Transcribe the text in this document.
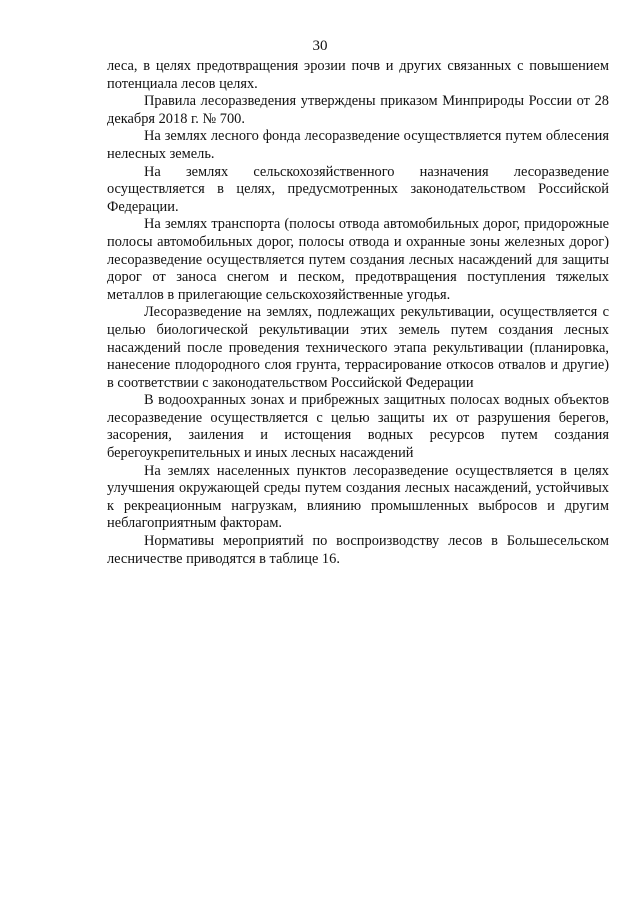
30

леса, в целях предотвращения эрозии почв и других связанных с повышением потенциала лесов целях.

Правила лесоразведения утверждены приказом Минприроды России от 28 декабря 2018 г. № 700.

На землях лесного фонда лесоразведение осуществляется путем облесения нелесных земель.

На землях сельскохозяйственного назначения лесоразведение осуществляется в целях, предусмотренных законодательством Российской Федерации.

На землях транспорта (полосы отвода автомобильных дорог, придорожные полосы автомобильных дорог, полосы отвода и охранные зоны железных дорог) лесоразведение осуществляется путем создания лесных насаждений для защиты дорог от заноса снегом и песком, предотвращения поступления тяжелых металлов в прилегающие сельскохозяйственные угодья.

Лесоразведение на землях, подлежащих рекультивации, осуществляется с целью биологической рекультивации этих земель путем создания лесных насаждений после проведения технического этапа рекультивации (планировка, нанесение плодородного слоя грунта, террасирование откосов отвалов и другие) в соответствии с законодательством Российской Федерации

В водоохранных зонах и прибрежных защитных полосах водных объектов лесоразведение осуществляется с целью защиты их от разрушения берегов, засорения, заиления и истощения водных ресурсов путем создания берегоукрепительных и иных лесных насаждений

На землях населенных пунктов лесоразведение осуществляется в целях улучшения окружающей среды путем создания лесных насаждений, устойчивых к рекреационным нагрузкам, влиянию промышленных выбросов и другим неблагоприятным факторам.

Нормативы мероприятий по воспроизводству лесов в Большесельском лесничестве приводятся в таблице 16.
